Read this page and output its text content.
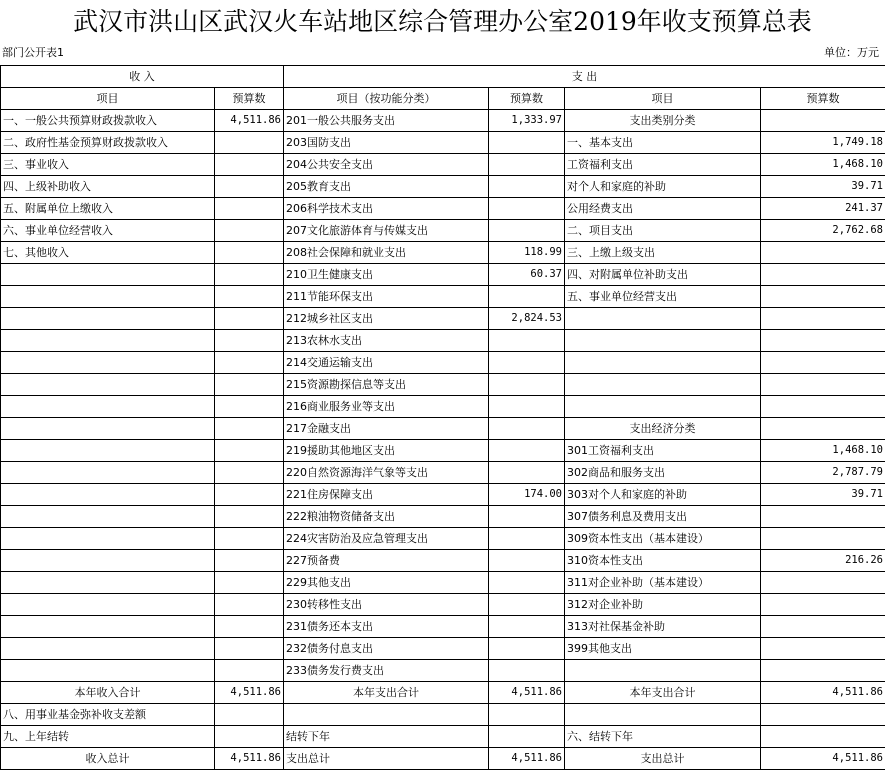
武汉市洪山区武汉火车站地区综合管理办公室2019年收支预算总表
部门公开表1	单位：万元
收 入		支 出			
项目	预算数	项目（按功能分类）	预算数	项目	预算数
一、一般公共预算财政拨款收入	4,511.86	201一般公共服务支出	1,333.97	支出类别分类	
二、政府性基金预算财政拨款收入		203国防支出		一、基本支出	1,749.18
三、事业收入		204公共安全支出		工资福利支出	1,468.10
四、上级补助收入		205教育支出		对个人和家庭的补助	39.71
五、附属单位上缴收入		206科学技术支出		公用经费支出	241.37
六、事业单位经营收入		207文化旅游体育与传媒支出		二、项目支出	2,762.68
七、其他收入		208社会保障和就业支出	118.99	三、上缴上级支出	
		210卫生健康支出	60.37	四、对附属单位补助支出	
		211节能环保支出		五、事业单位经营支出	
		212城乡社区支出	2,824.53		
		213农林水支出			
		214交通运输支出			
		215资源勘探信息等支出			
		216商业服务业等支出			
		217金融支出		支出经济分类	
		219援助其他地区支出		301工资福利支出	1,468.10
		220自然资源海洋气象等支出		302商品和服务支出	2,787.79
		221住房保障支出	174.00	303对个人和家庭的补助	39.71
		222粮油物资储备支出		307债务利息及费用支出	
		224灾害防治及应急管理支出		309资本性支出（基本建设）	
		227预备费		310资本性支出	216.26
		229其他支出		311对企业补助（基本建设）	
		230转移性支出		312对企业补助	
		231债务还本支出		313对社保基金补助	
		232债务付息支出		399其他支出	
		233债务发行费支出			
本年收入合计	4,511.86	本年支出合计	4,511.86	本年支出合计	4,511.86
八、用事业基金弥补收支差额					
九、上年结转		结转下年		六、结转下年	
收入总计	4,511.86	支出总计	4,511.86	支出总计	4,511.86
